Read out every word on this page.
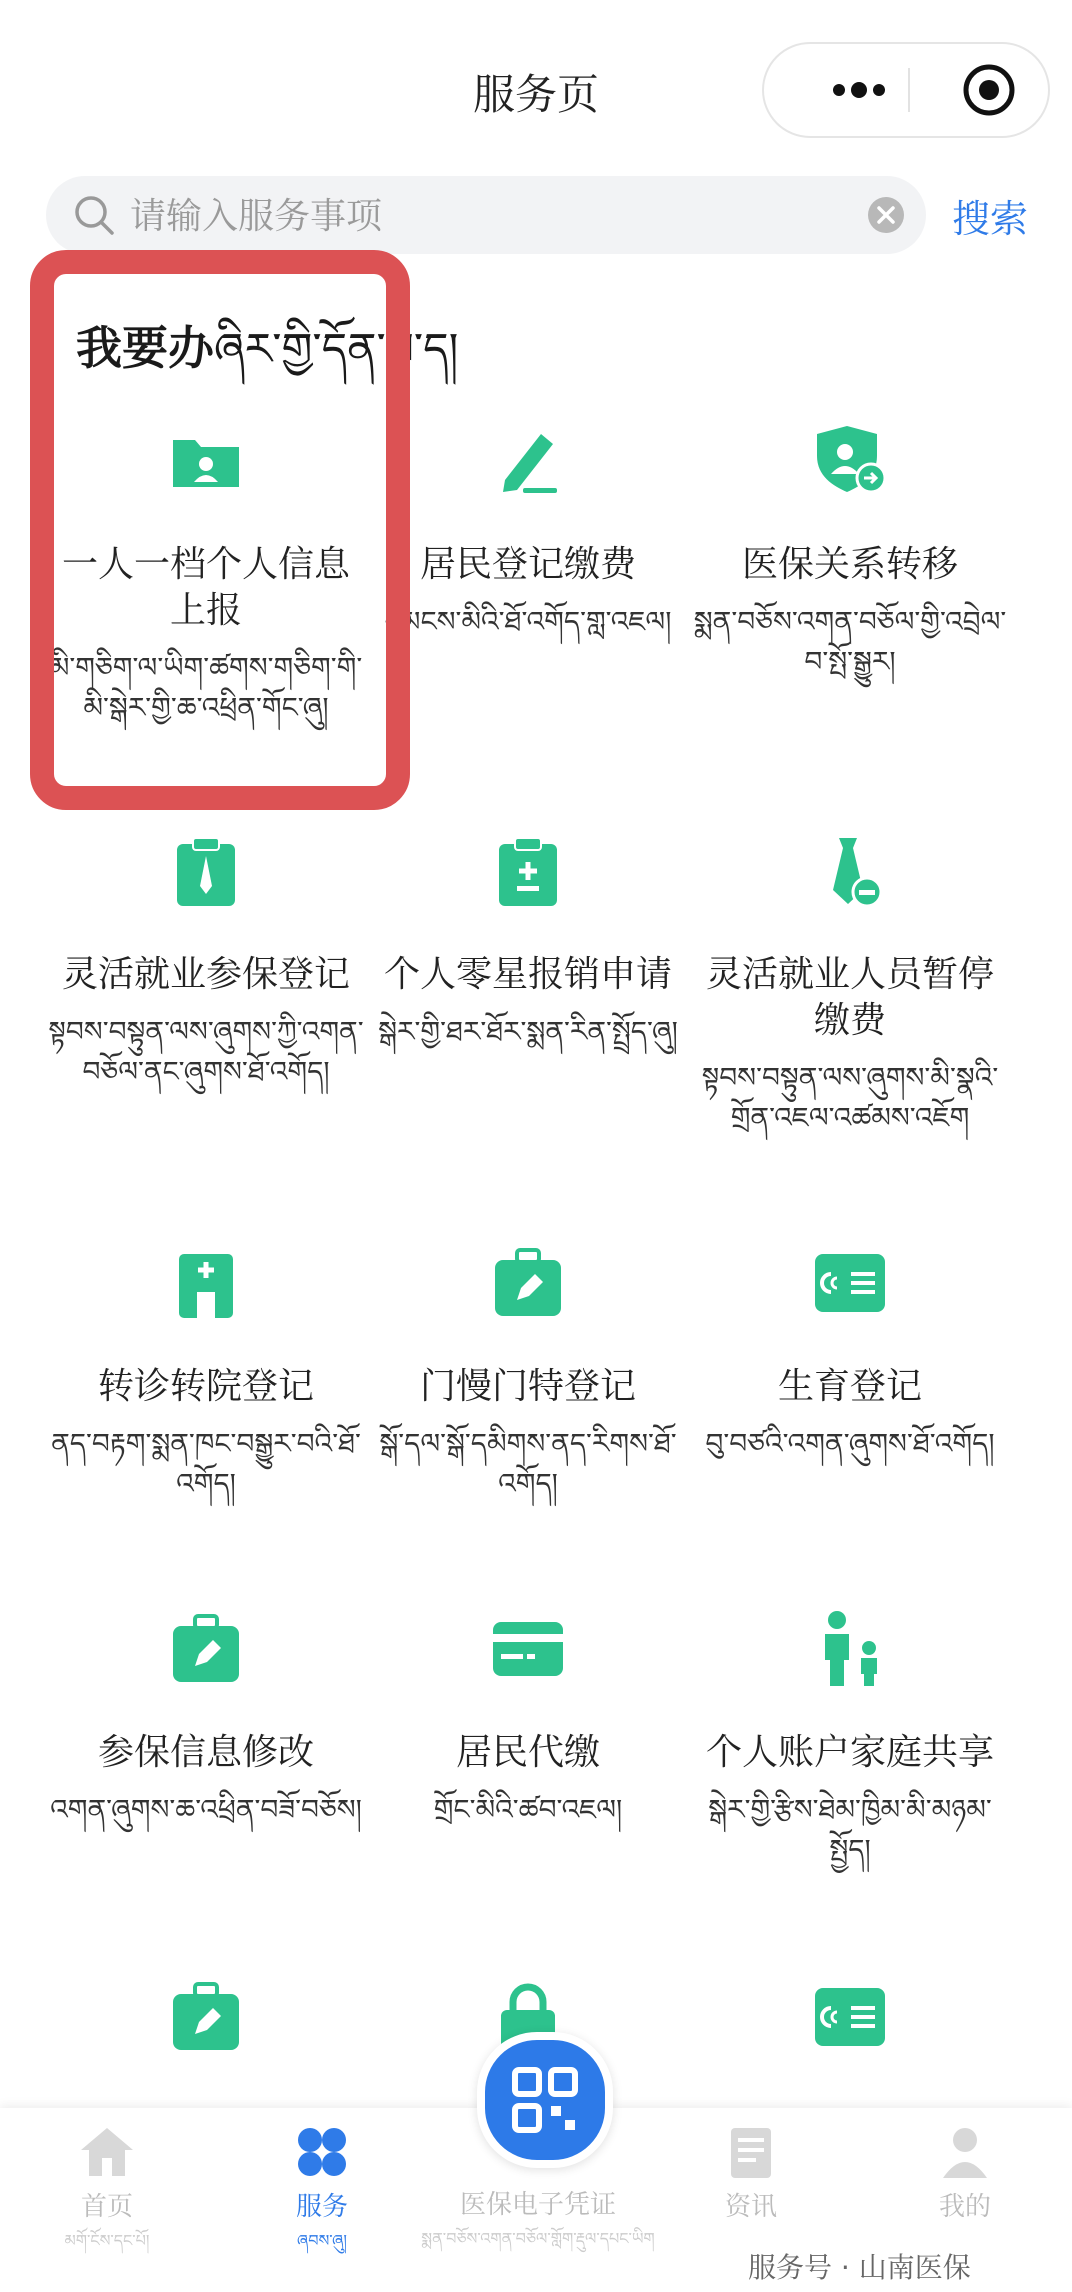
服务页
请输入服务事项
搜索
我要办ཞིར་གྱི་དོན་བ་ད།
一人一档个人信息上报
མི་གཅིག་ལ་ཡིག་ཚགས་གཅིག་གི་མི་སྒེར་གྱི་ཆ་འཕྲིན་གོང་ཞུ།
居民登记缴费
དམངས་མིའི་ཐོ་འགོད་གླ་འཇལ།
医保关系转移
སྨན་བཅོས་འགན་བཅོལ་གྱི་འབྲེལ་བ་སྤོ་སྒྱུར།
灵活就业参保登记
སྟབས་བསྟུན་ལས་ཞུགས་ཀྱི་འགན་བཅོལ་ནང་ཞུགས་ཐོ་འགོད།
个人零星报销申请
སྒེར་གྱི་ཐར་ཐོར་སྨན་རིན་སྤྲོད་ཞུ།
灵活就业人员暂停缴费
སྟབས་བསྟུན་ལས་ཞུགས་མི་སྣའི་གྲོན་འཇལ་འཚམས་འཇོག
转诊转院登记
ནད་བརྟག་སྨན་ཁང་བསྒྱུར་བའི་ཐོ་འགོད།
门慢门特登记
སྒོ་དལ་སྒོ་དམིགས་ནད་རིགས་ཐོ་འགོད།
生育登记
བུ་བཙའི་འགན་ཞུགས་ཐོ་འགོད།
参保信息修改
འགན་ཞུགས་ཆ་འཕྲིན་བཟོ་བཅོས།
居民代缴
གྲོང་མིའི་ཚབ་འཇལ།
个人账户家庭共享
སྒེར་གྱི་རྩིས་ཐེམ་ཁྱིམ་མི་མཉམ་སྤྱོད།
首页
མགོ་ངོས་དང་པོ།
服务
ཞབས་ཞུ།
医保电子凭证
སྨན་བཅོས་འགན་བཅོལ་གློག་རྡུལ་དཔང་ཡིག
资讯	我的
服务号 · 山南医保
